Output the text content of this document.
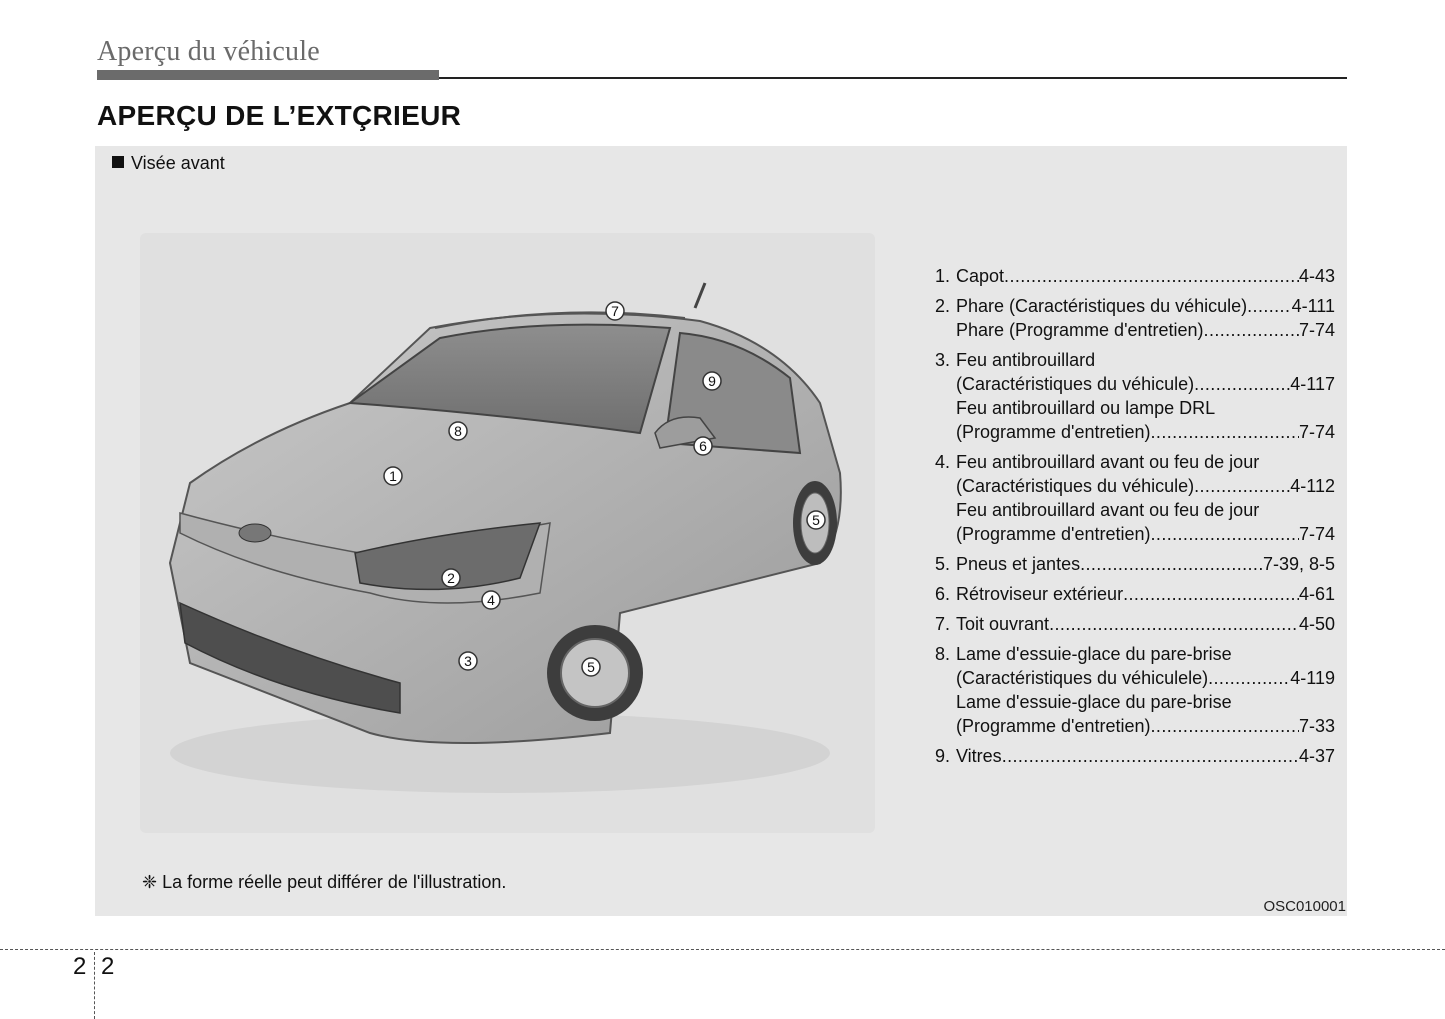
Aperçu du véhicule
APERÇU DE L’EXTÇRIEUR
Visée avant
1
2
3
4
5
5
6
7
8
9
1. Capot .....	4-43
2. Phare (Caractéristiques du véhicule) ..... 4-111
Phare (Programme d'entretien) .....	7-74
3. Feu antibrouillard
(Caractéristiques du véhicule) .....	4-117
Feu antibrouillard ou lampe DRL
(Programme d'entretien) .....	7-74
4. Feu antibrouillard avant ou feu de jour
(Caractéristiques du véhicule) .....	4-112
Feu antibrouillard avant ou feu de jour
(Programme d'entretien) .....	7-74
5. Pneus et jantes .....	7-39, 8-5
6. Rétroviseur extérieur .....	4-61
7. Toit ouvrant .....	4-50
8. Lame d'essuie-glace du pare-brise
(Caractéristiques du véhiculele) .....	4-119
Lame d'essuie-glace du pare-brise
(Programme d'entretien) .....	7-33
9. Vitres .....	4-37
❈ La forme réelle peut différer de l'illustration.
OSC010001
2 2
